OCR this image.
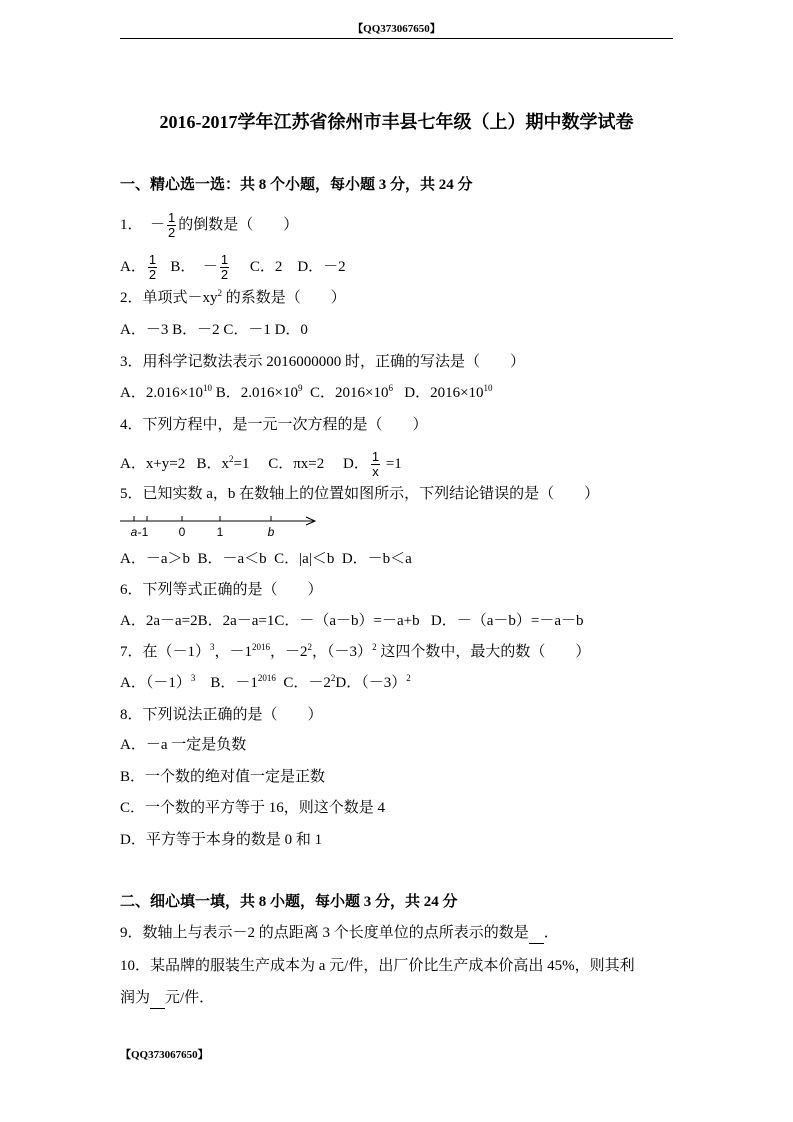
【QQ373067650】
2016-2017学年江苏省徐州市丰县七年级（上）期中数学试卷
一、精心选一选：共 8 个小题，每小题 3 分，共 24 分
1．  － $\frac{1}{2}$ 的倒数是（        ）
A． $\frac{1}{2}$ B．  － $\frac{1}{2}$ C．2    D．－2
2．单项式$-xy^2$ 的系数是（        ）
A．－3 B．－2 C．－1 D．0
3．用科学记数法表示 2016000000 时，正确的写法是（        ）
A．$2.016\times 10^{10}$ B．$2.016\times 10^9$  C．$2016\times 10^6$   D．$2016\times 10^{10}$
4．下列方程中，是一元一次方程的是（        ）
A．x+y=2   B．$x^2=1$     C．πx=2     D． $\frac{1}{x} =1$
5．已知实数 a，b 在数轴上的位置如图所示，下列结论错误的是（        ）
A．－a＞b  B．－a＜b  C．|a|＜b  D．－b＜a
6．下列等式正确的是（        ）
A．2a－a=2B．2a－a=1C．－（a－b）=－a+b   D．－（a－b）=－a－b
7．在$(-1)^3$，$-1^{2016}$，$-2^2$，$(-3)^2$ 这四个数中，最大的数（        ）
A．$(-1)^3$    B．$-1^{2016}$  C．$-2^2D$．$(-3)^2$
8．下列说法正确的是（        ）
A．－a 一定是负数
B．一个数的绝对值一定是正数
C．一个数的平方等于 16，则这个数是 4
D．平方等于本身的数是 0 和 1
二、细心填一填，共 8 小题，每小题 3 分，共 24 分
9．数轴上与表示－2 的点距离 3 个长度单位的点所表示的数是 ．
10．某品牌的服装生产成本为 a 元/件，出厂价比生产成本价高出 45%，则其利
润为 元/件．
a -1	0	1	b
【QQ373067650】
